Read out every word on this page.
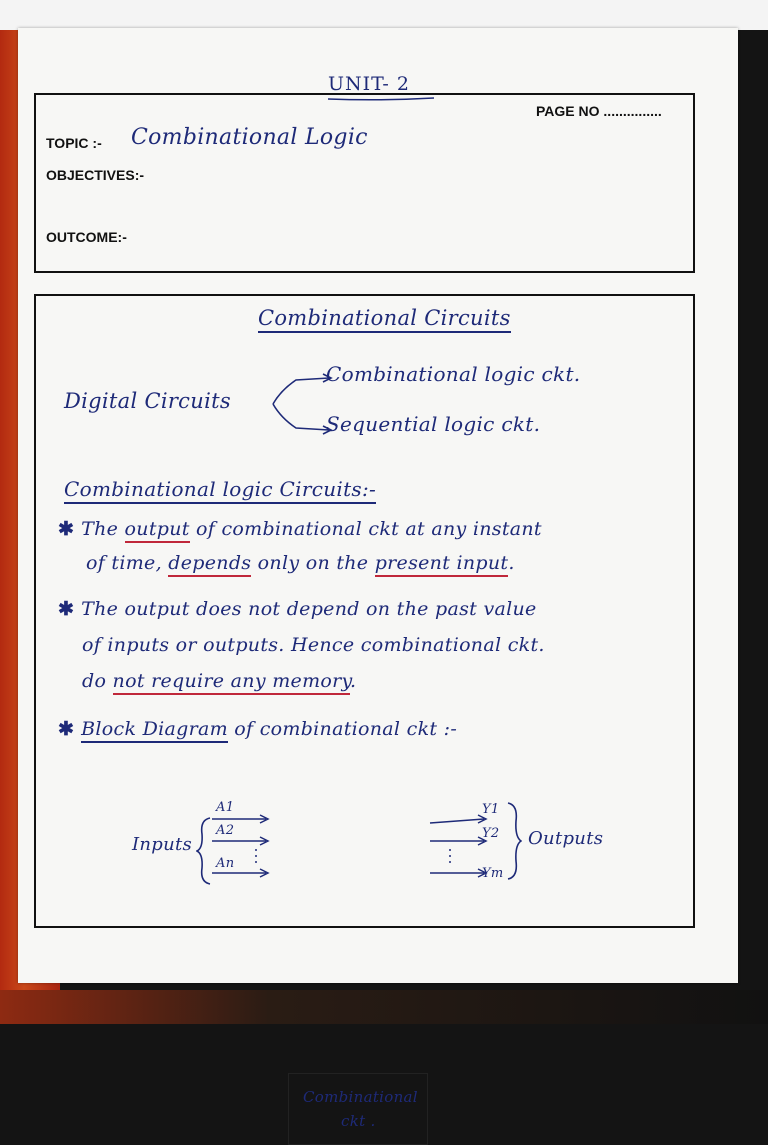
UNIT- 2
PAGE NO ...............
TOPIC :- Combinational Logic
OBJECTIVES:-
OUTCOME:-
Combinational Circuits
Digital Circuits
Combinational logic ckt.
Sequential logic ckt.
Combinational logic Circuits:-
✱ The output of combinational ckt at any instant
of time, depends only on the present input.
✱ The output does not depend on the past value
of inputs or outputs. Hence combinational ckt.
do not require any memory.
✱ Block Diagram of combinational ckt :-
Inputs
A1
A2
An
Combinational
ckt .
Y1
Y2
Ym
Outputs
